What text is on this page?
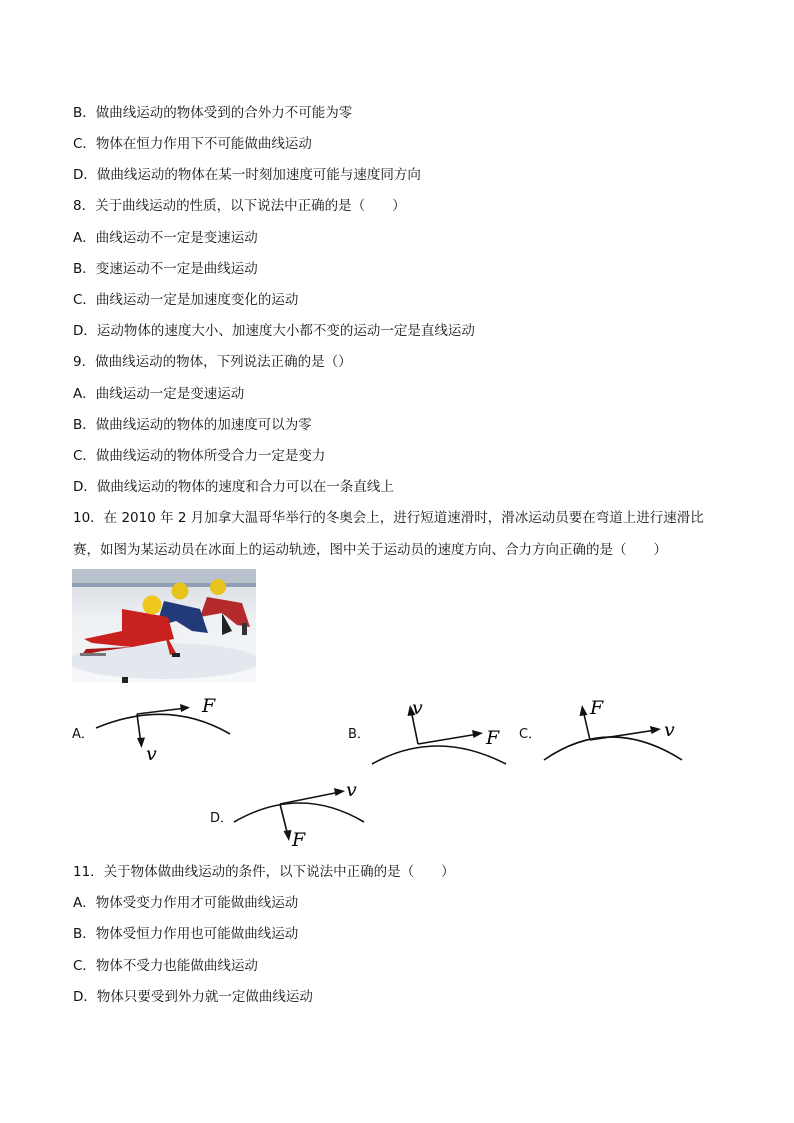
B．做曲线运动的物体受到的合外力不可能为零
C．物体在恒力作用下不可能做曲线运动
D．做曲线运动的物体在某一时刻加速度可能与速度同方向
8．关于曲线运动的性质，以下说法中正确的是（　　）
A．曲线运动不一定是变速运动
B．变速运动不一定是曲线运动
C．曲线运动一定是加速度变化的运动
D．运动物体的速度大小、加速度大小都不变的运动一定是直线运动
9．做曲线运动的物体，下列说法正确的是（）
A．曲线运动一定是变速运动
B．做曲线运动的物体的加速度可以为零
C．做曲线运动的物体所受合力一定是变力
D．做曲线运动的物体的速度和合力可以在一条直线上
10．在 2010 年 2 月加拿大温哥华举行的冬奥会上，进行短道速滑时，滑冰运动员要在弯道上进行速滑比
赛，如图为某运动员在冰面上的运动轨迹，图中关于运动员的速度方向、合力方向正确的是（　　）
A．
F
v
B．
v
F C．
F
v
D．
v
F
11．关于物体做曲线运动的条件，以下说法中正确的是（　　）
A．物体受变力作用才可能做曲线运动
B．物体受恒力作用也可能做曲线运动
C．物体不受力也能做曲线运动
D．物体只要受到外力就一定做曲线运动
